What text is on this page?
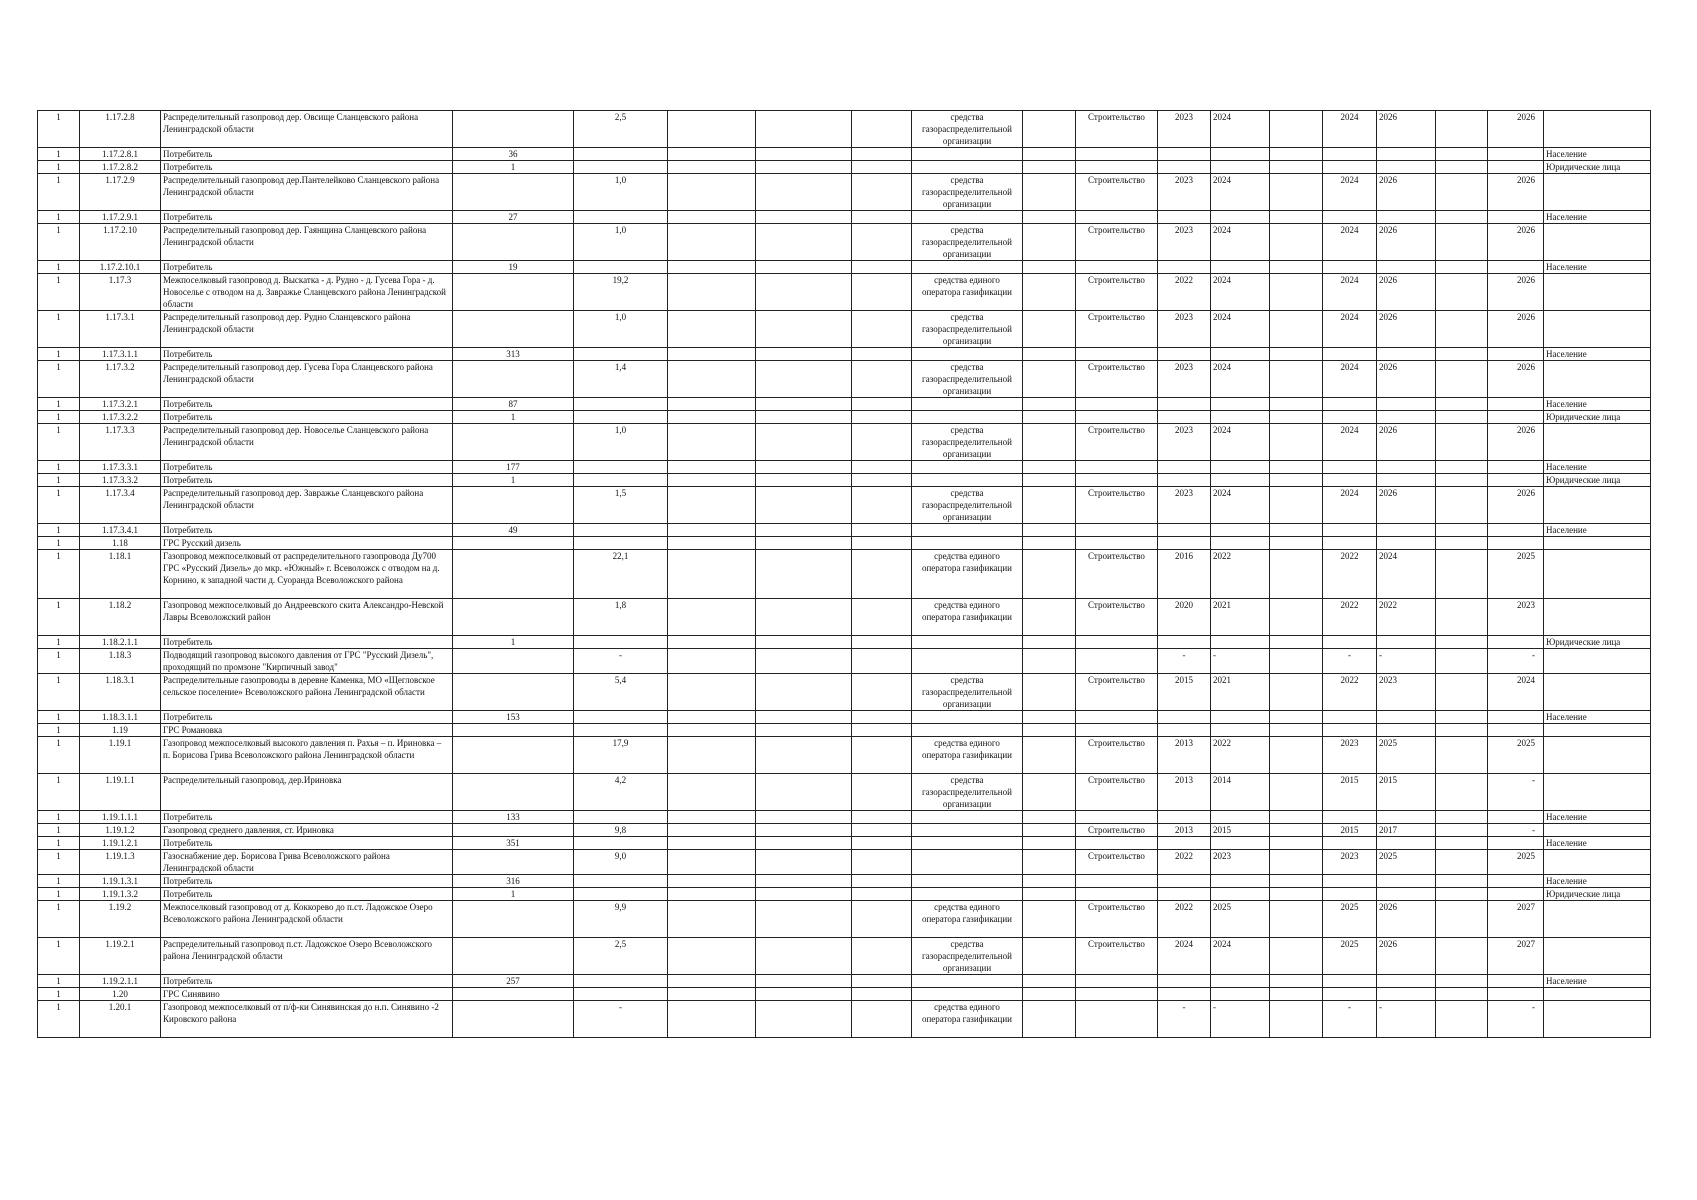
1	1.17.2.8	Распределительный газопровод дер. Овсище Сланцевского района Ленинградской области		2,5				средства газораспределительной организации		Строительство	2023	2024		2024	2026		2026	
1	1.17.2.8.1	Потребитель	36															Население
1	1.17.2.8.2	Потребитель	1															Юридические лица
1	1.17.2.9	Распределительный газопровод дер.Пантелейково Сланцевского района Ленинградской области		1,0				средства газораспределительной организации		Строительство	2023	2024		2024	2026		2026	
1	1.17.2.9.1	Потребитель	27															Население
1	1.17.2.10	Распределительный газопровод дер. Гаянщина Сланцевского района Ленинградской области		1,0				средства газораспределительной организации		Строительство	2023	2024		2024	2026		2026	
1	1.17.2.10.1	Потребитель	19															Население
1	1.17.3	Межпоселковый газопровод д. Выскатка - д. Рудно - д. Гусева Гора - д. Новоселье с отводом на д. Завражье Сланцевского района Ленинградской области		19,2				средства единого оператора газификации		Строительство	2022	2024		2024	2026		2026	
1	1.17.3.1	Распределительный газопровод дер. Рудно Сланцевского района Ленинградской области		1,0				средства газораспределительной организации		Строительство	2023	2024		2024	2026		2026	
1	1.17.3.1.1	Потребитель	313															Население
1	1.17.3.2	Распределительный газопровод дер. Гусева Гора Сланцевского района Ленинградской области		1,4				средства газораспределительной организации		Строительство	2023	2024		2024	2026		2026	
1	1.17.3.2.1	Потребитель	87															Население
1	1.17.3.2.2	Потребитель	1															Юридические лица
1	1.17.3.3	Распределительный газопровод дер. Новоселье Сланцевского района Ленинградской области		1,0				средства газораспределительной организации		Строительство	2023	2024		2024	2026		2026	
1	1.17.3.3.1	Потребитель	177															Население
1	1.17.3.3.2	Потребитель	1															Юридические лица
1	1.17.3.4	Распределительный газопровод дер. Завражье Сланцевского района Ленинградской области		1,5				средства газораспределительной организации		Строительство	2023	2024		2024	2026		2026	
1	1.17.3.4.1	Потребитель	49															Население
1	1.18	ГРС Русский дизель																
1	1.18.1	Газопровод межпоселковый от распределительного газопровода Ду700 ГРС «Русский Дизель» до мкр. «Южный» г. Всеволожск с отводом на д. Корнино, к западной части д. Суоранда Всеволожского района		22,1				средства единого оператора газификации		Строительство	2016	2022		2022	2024		2025	
1	1.18.2	Газопровод межпоселковый до Андреевского скита Александро-Невской Лавры Всеволожский район		1,8				средства единого оператора газификации		Строительство	2020	2021		2022	2022		2023	
1	1.18.2.1.1	Потребитель	1															Юридические лица
1	1.18.3	Подводящий газопровод высокого давления от ГРС "Русский Дизель", проходящий по промзоне "Кирпичный завод"		-							-	-		-	-		-	
1	1.18.3.1	Распределительные газопроводы в деревне Каменка, МО «Щегловское сельское поселение» Всеволожского района Ленинградской области		5,4				средства газораспределительной организации		Строительство	2015	2021		2022	2023		2024	
1	1.18.3.1.1	Потребитель	153															Население
1	1.19	ГРС Романовка																
1	1.19.1	Газопровод межпоселковый высокого давления п. Рахья – п. Ириновка – п. Борисова Грива Всеволожского района Ленинградской области		17,9				средства единого оператора газификации		Строительство	2013	2022		2023	2025		2025	
1	1.19.1.1	Распределительный газопровод, дер.Ириновка		4,2				средства газораспределительной организации		Строительство	2013	2014		2015	2015		-	
1	1.19.1.1.1	Потребитель	133															Население
1	1.19.1.2	Газопровод среднего давления, ст. Ириновка		9,8						Строительство	2013	2015		2015	2017		-	
1	1.19.1.2.1	Потребитель	351															Население
1	1.19.1.3	Газоснабжение дер. Борисова Грива Всеволожского района Ленинградской области		9,0						Строительство	2022	2023		2023	2025		2025	
1	1.19.1.3.1	Потребитель	316															Население
1	1.19.1.3.2	Потребитель	1															Юридические лица
1	1.19.2	Межпоселковый газопровод от д. Коккорево до п.ст. Ладожское Озеро Всеволожского района Ленинградской области		9,9				средства единого оператора газификации		Строительство	2022	2025		2025	2026		2027	
1	1.19.2.1	Распределительный газопровод п.ст. Ладожское Озеро Всеволожского района Ленинградской области		2,5				средства газораспределительной организации		Строительство	2024	2024		2025	2026		2027	
1	1.19.2.1.1	Потребитель	257															Население
1	1.20	ГРС Синявино																
1	1.20.1	Газопровод межпоселковый от п/ф-ки Синявинская до н.п. Синявино -2 Кировского района		-				средства единого оператора газификации			-	-		-	-		-	
